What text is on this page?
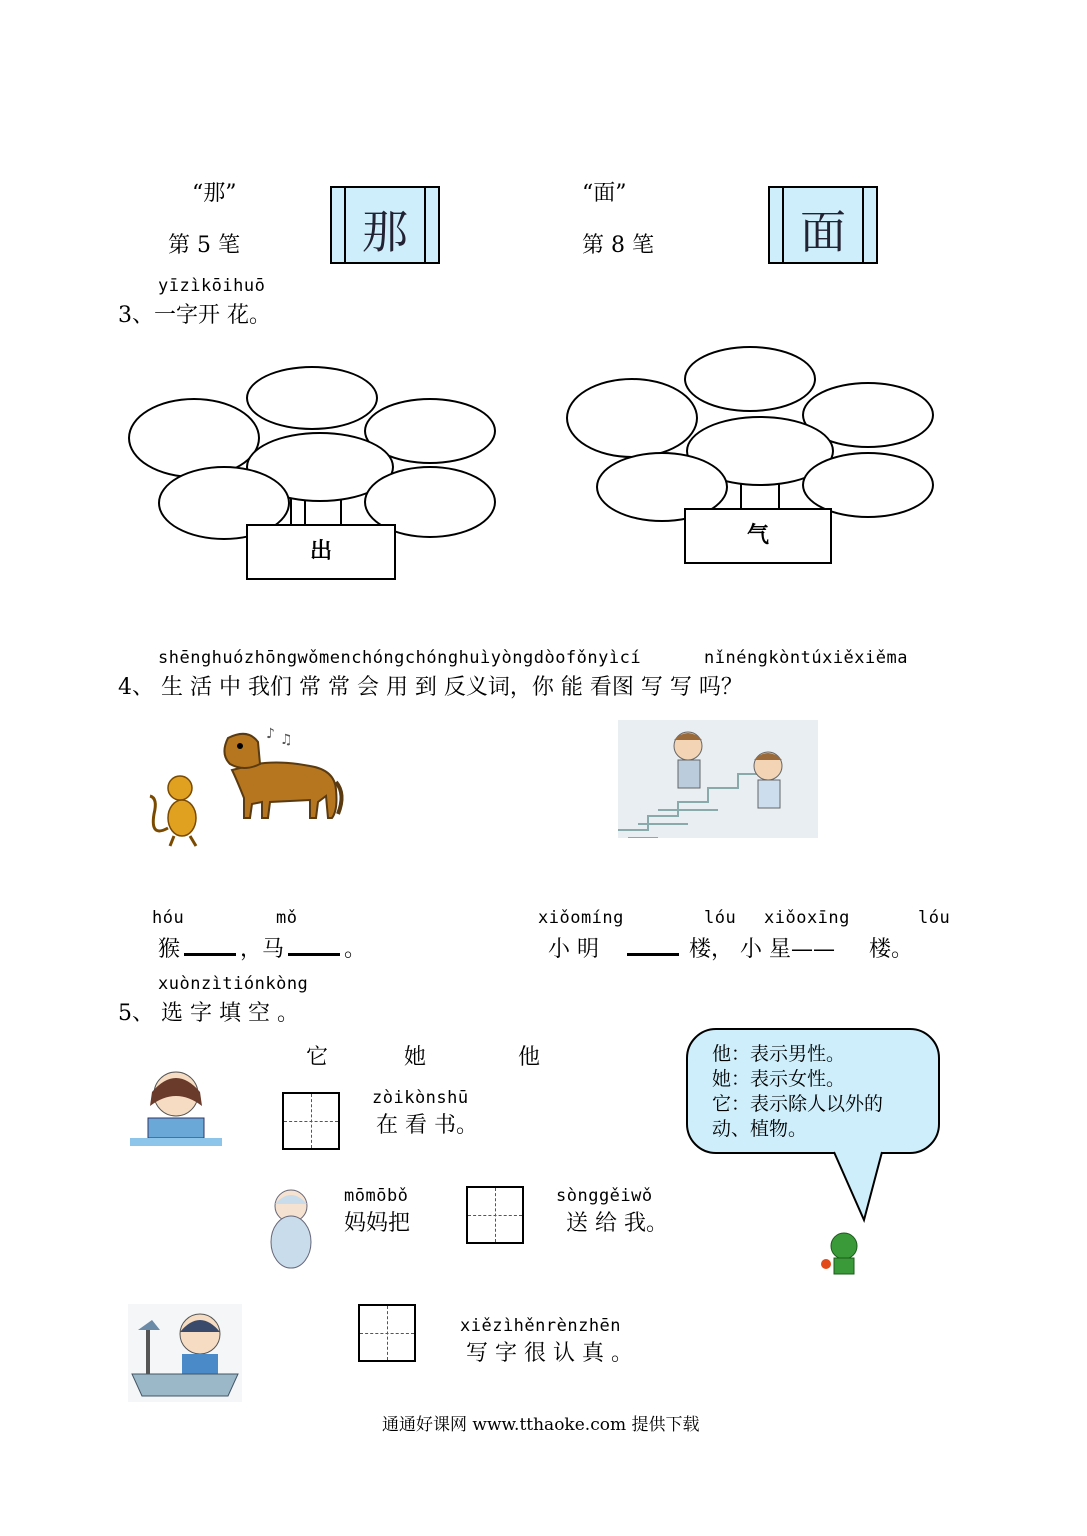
“那”
第 5 笔	那
“面”
第 8 笔	面
yīzìkōihuō
3、一字开 花。
出
气
shēnghuózhōngwǒmenchóngchónghuìyòngdòofǒnyìcí	nǐnéngkòntúxiěxiěma
4、 生 活 中 我们 常 常 会 用 到 反义词，你 能 看图 写 写 吗？
♪ ♫
hóu	mǒ
猴	，马	。
xiǒomíng	lóu xiǒoxīng	lóu
小 明	楼， 小 星—— 楼。
xuònzìtiónkòng
5、 选 字 填 空 。
它	她	他	他：表示男性。
她：表示女性。
它：表示除人以外的
动、植物。
zòikònshū
在 看 书。
mōmōbǒ
妈妈把
sònggěiwǒ
送 给 我。
xiězìhěnrènzhēn
写 字 很 认 真 。
通通好课网 www.tthaoke.com 提供下载
